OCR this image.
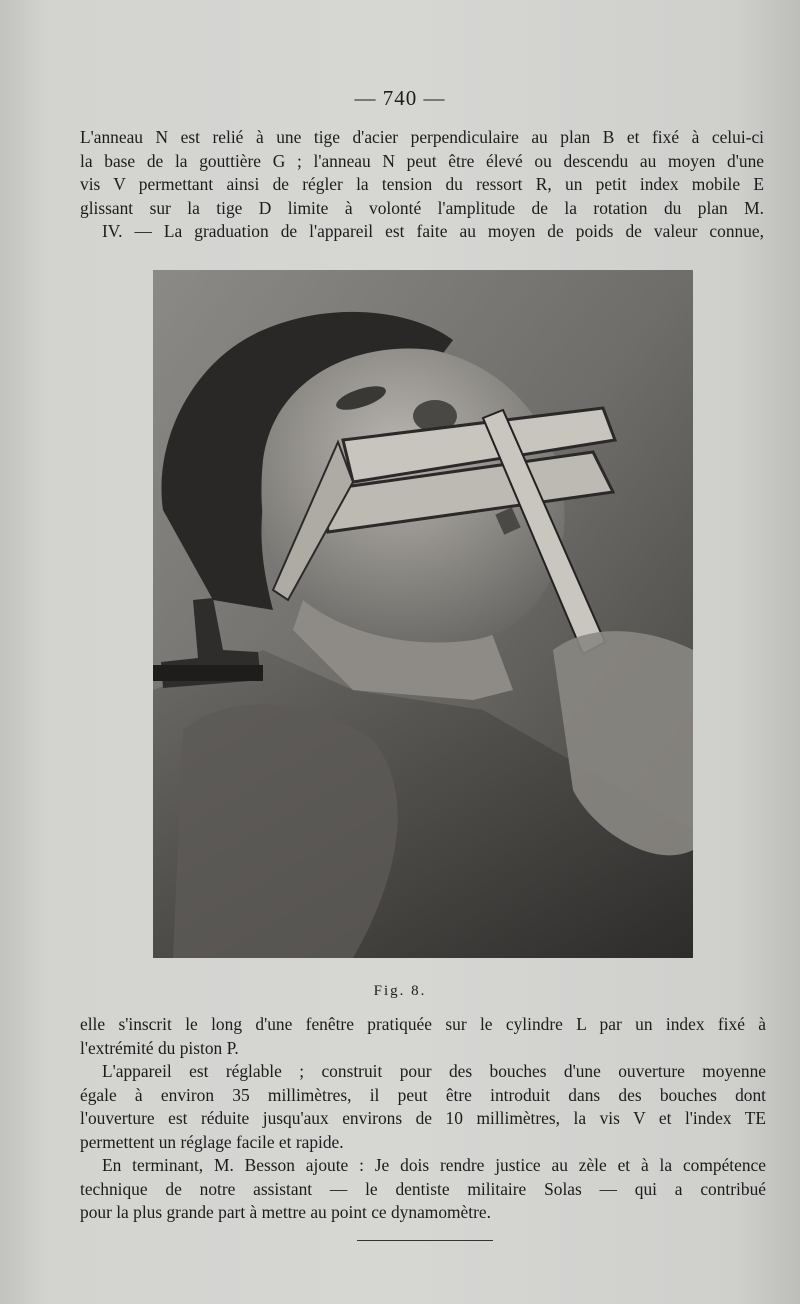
— 740 —
L'anneau N est relié à une tige d'acier perpendiculaire au plan B et fixé à celui-ci
la base de la gouttière G ; l'anneau N peut être élevé ou descendu au moyen d'une
vis V permettant ainsi de régler la tension du ressort R, un petit index mobile E
glissant sur la tige D limite à volonté l'amplitude de la rotation du plan M.
IV. — La graduation de l'appareil est faite au moyen de poids de valeur connue,
Fig. 8.
elle s'inscrit le long d'une fenêtre pratiquée sur le cylindre L par un index fixé à
l'extrémité du piston P.
L'appareil est réglable ; construit pour des bouches d'une ouverture moyenne
égale à environ 35 millimètres, il peut être introduit dans des bouches dont
l'ouverture est réduite jusqu'aux environs de 10 millimètres, la vis V et l'index TE
permettent un réglage facile et rapide.
En terminant, M. Besson ajoute : Je dois rendre justice au zèle et à la compétence
technique de notre assistant — le dentiste militaire Solas — qui a contribué
pour la plus grande part à mettre au point ce dynamomètre.
